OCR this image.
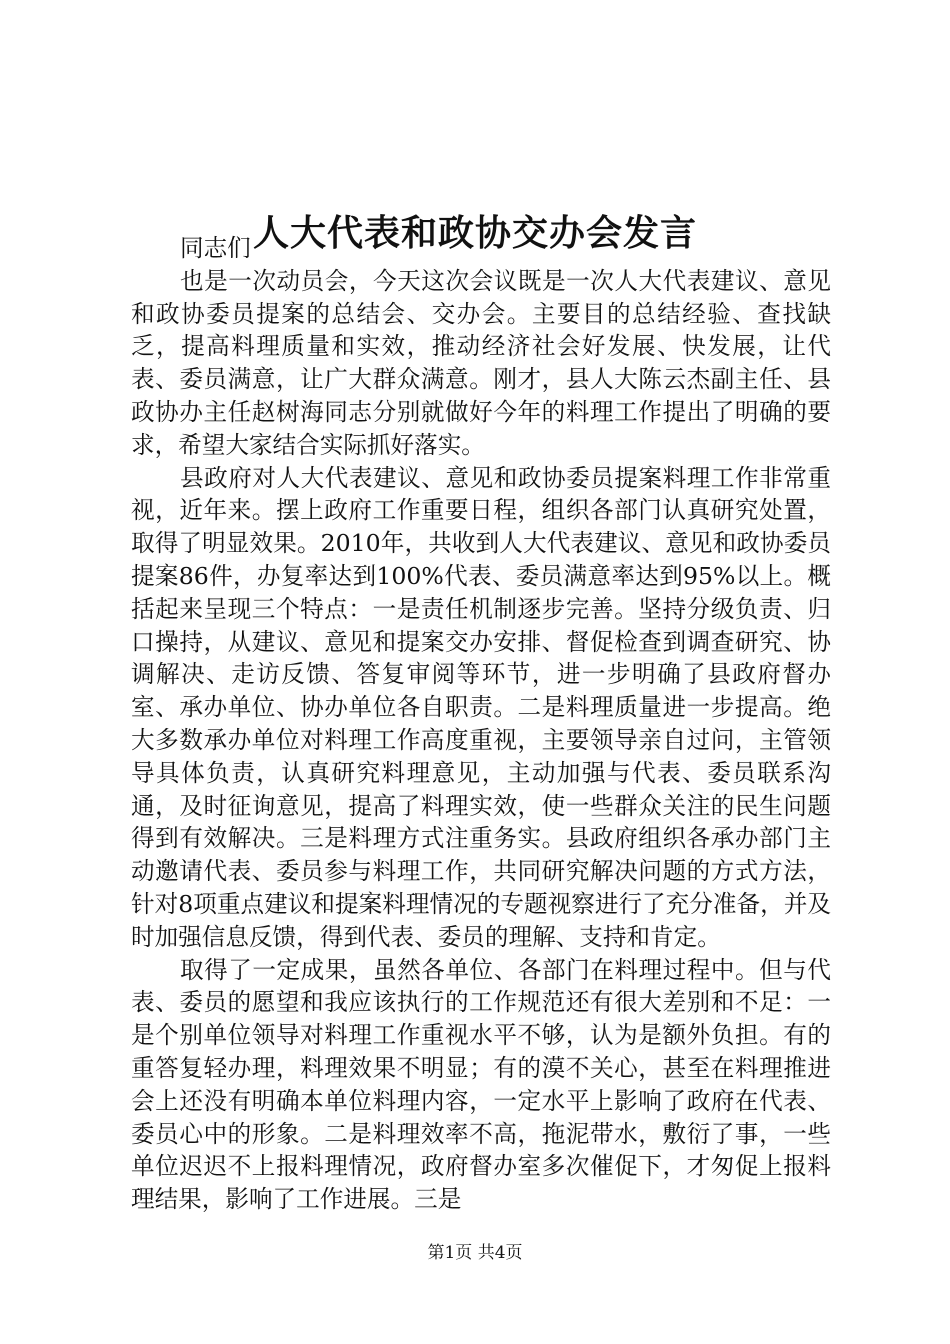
人大代表和政协交办会发言

同志们

也是一次动员会，今天这次会议既是一次人大代表建议、意见和政协委员提案的总结会、交办会。主要目的总结经验、查找缺乏，提高料理质量和实效，推动经济社会好发展、快发展，让代表、委员满意，让广大群众满意。刚才，县人大陈云杰副主任、县政协办主任赵树海同志分别就做好今年的料理工作提出了明确的要求，希望大家结合实际抓好落实。

县政府对人大代表建议、意见和政协委员提案料理工作非常重视，近年来。摆上政府工作重要日程，组织各部门认真研究处置，取得了明显效果。2010年，共收到人大代表建议、意见和政协委员提案86件，办复率达到100%代表、委员满意率达到95%以上。概括起来呈现三个特点：一是责任机制逐步完善。坚持分级负责、归口操持，从建议、意见和提案交办安排、督促检查到调查研究、协调解决、走访反馈、答复审阅等环节，进一步明确了县政府督办室、承办单位、协办单位各自职责。二是料理质量进一步提高。绝大多数承办单位对料理工作高度重视，主要领导亲自过问，主管领导具体负责，认真研究料理意见，主动加强与代表、委员联系沟通，及时征询意见，提高了料理实效，使一些群众关注的民生问题得到有效解决。三是料理方式注重务实。县政府组织各承办部门主动邀请代表、委员参与料理工作，共同研究解决问题的方式方法，针对8项重点建议和提案料理情况的专题视察进行了充分准备，并及时加强信息反馈，得到代表、委员的理解、支持和肯定。

取得了一定成果，虽然各单位、各部门在料理过程中。但与代表、委员的愿望和我应该执行的工作规范还有很大差别和不足：一是个别单位领导对料理工作重视水平不够，认为是额外负担。有的重答复轻办理，料理效果不明显；有的漠不关心，甚至在料理推进会上还没有明确本单位料理内容，一定水平上影响了政府在代表、委员心中的形象。二是料理效率不高，拖泥带水，敷衍了事，一些单位迟迟不上报料理情况，政府督办室多次催促下，才匆促上报料理结果，影响了工作进展。三是

第1页 共4页
